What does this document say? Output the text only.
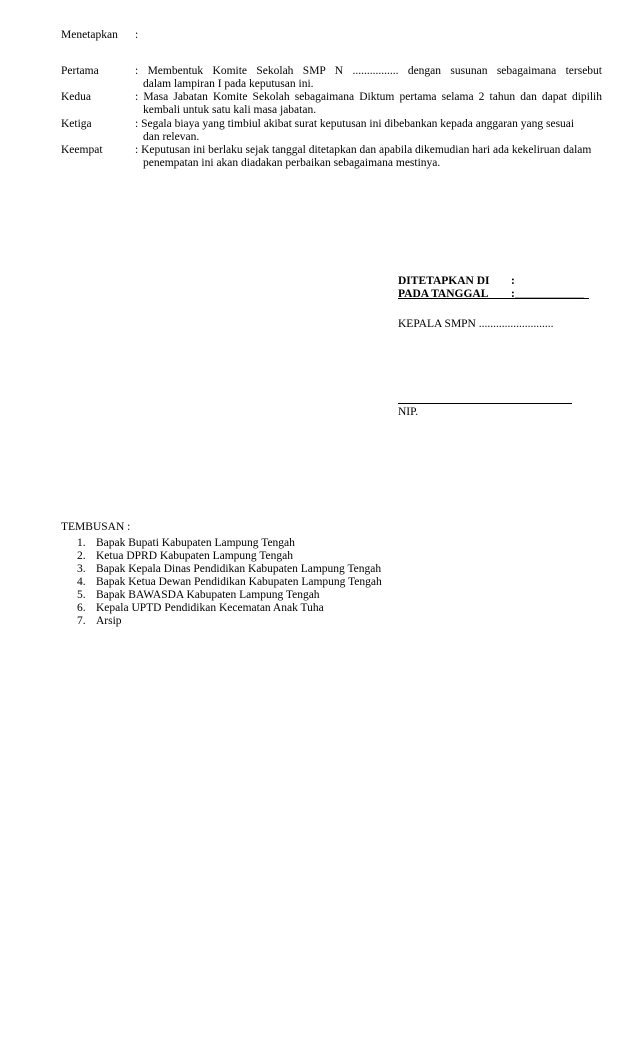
Menetapkan :
Pertama	: Membentuk Komite Sekolah SMP N ................ dengan susunan sebagaimana tersebut
dalam lampiran I pada keputusan ini.
Kedua	: Masa Jabatan Komite Sekolah sebagaimana Diktum pertama selama 2 tahun dan dapat dipilih
kembali untuk satu kali masa jabatan.
Ketiga	: Segala biaya yang timbiul akibat surat keputusan ini dibebankan kepada anggaran yang sesuai
dan relevan.
Keempat	: Keputusan ini berlaku sejak tanggal ditetapkan dan apabila dikemudian hari ada kekeliruan dalam
penempatan ini akan diadakan perbaikan sebagaimana mestinya.
DITETAPKAN DI :
PADA TANGGAL :____________
KEPALA SMPN ..........................
NIP.
TEMBUSAN :
1. Bapak Bupati Kabupaten Lampung Tengah
2. Ketua DPRD Kabupaten Lampung Tengah
3. Bapak Kepala Dinas Pendidikan Kabupaten Lampung Tengah
4. Bapak Ketua Dewan Pendidikan Kabupaten Lampung Tengah
5. Bapak BAWASDA Kabupaten Lampung Tengah
6. Kepala UPTD Pendidikan Kecematan Anak Tuha
7. Arsip
